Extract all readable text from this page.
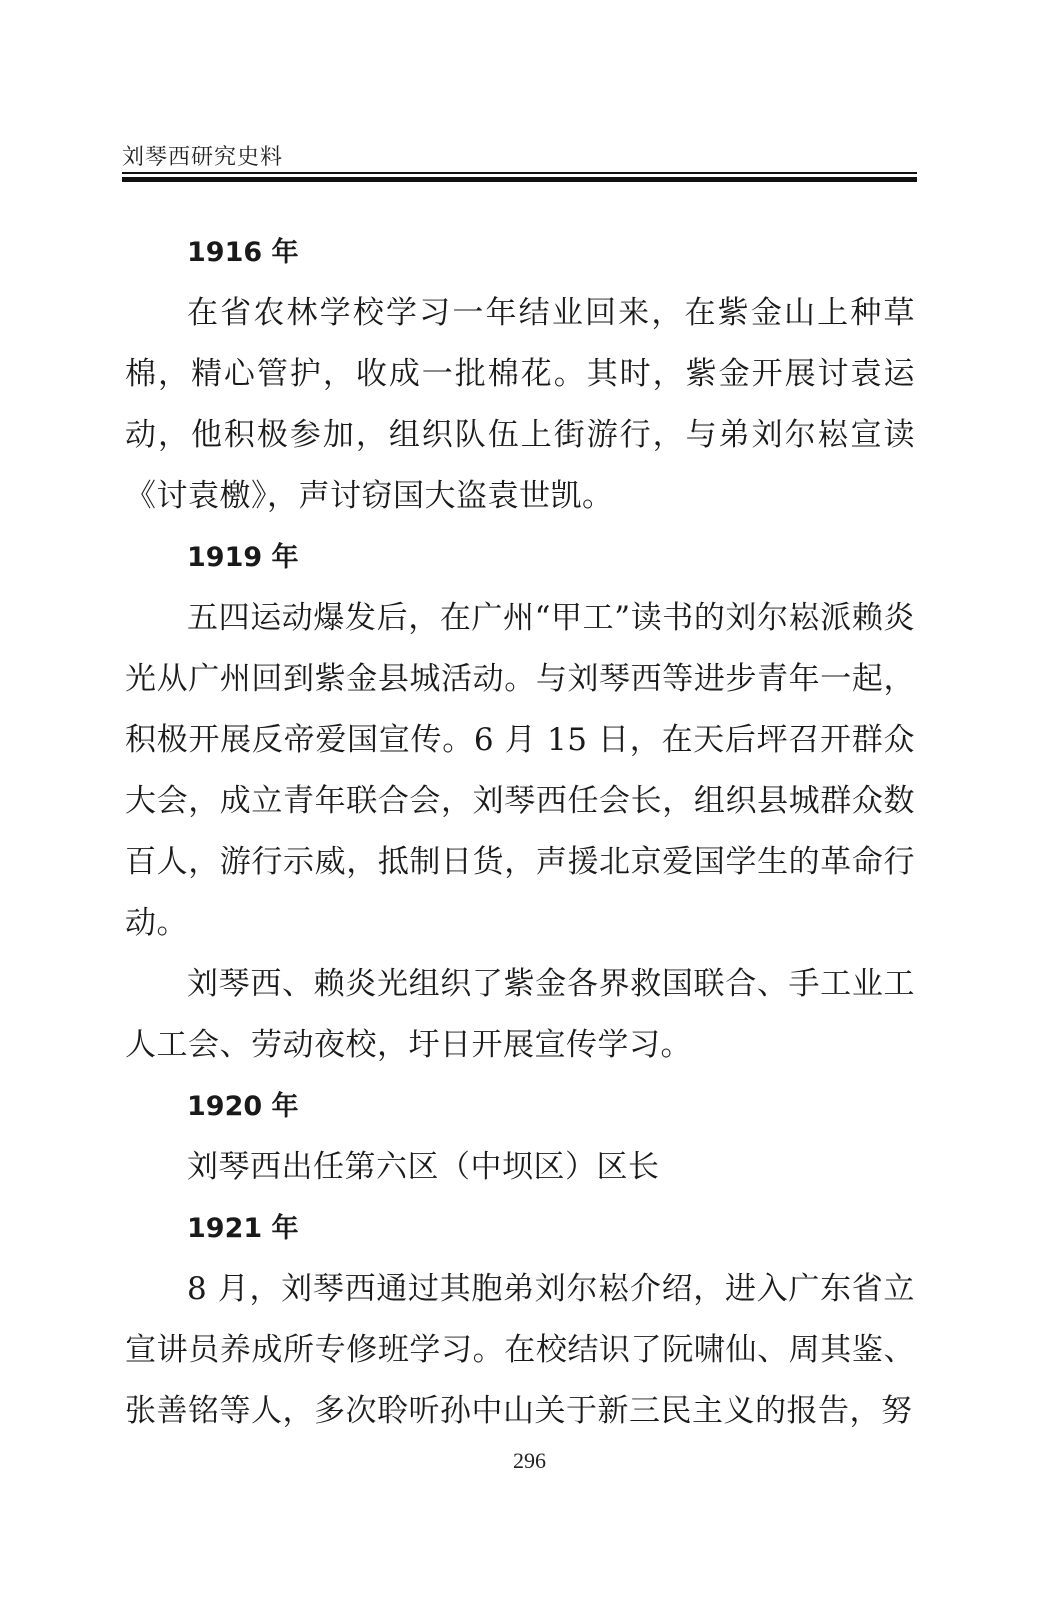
刘琴西研究史料
1916 年

在省农林学校学习一年结业回来，在紫金山上种草棉，精心管护，收成一批棉花。其时，紫金开展讨袁运动，他积极参加，组织队伍上街游行，与弟刘尔崧宣读《讨袁檄》，声讨窃国大盗袁世凯。

1919 年

五四运动爆发后，在广州“甲工”读书的刘尔崧派赖炎光从广州回到紫金县城活动。与刘琴西等进步青年一起，积极开展反帝爱国宣传。6 月 15 日，在天后坪召开群众大会，成立青年联合会，刘琴西任会长，组织县城群众数百人，游行示威，抵制日货，声援北京爱国学生的革命行动。

刘琴西、赖炎光组织了紫金各界救国联合、手工业工人工会、劳动夜校，圩日开展宣传学习。

1920 年

刘琴西出任第六区（中坝区）区长

1921 年

8 月，刘琴西通过其胞弟刘尔崧介绍，进入广东省立宣讲员养成所专修班学习。在校结识了阮啸仙、周其鉴、张善铭等人，多次聆听孙中山关于新三民主义的报告，努

296
